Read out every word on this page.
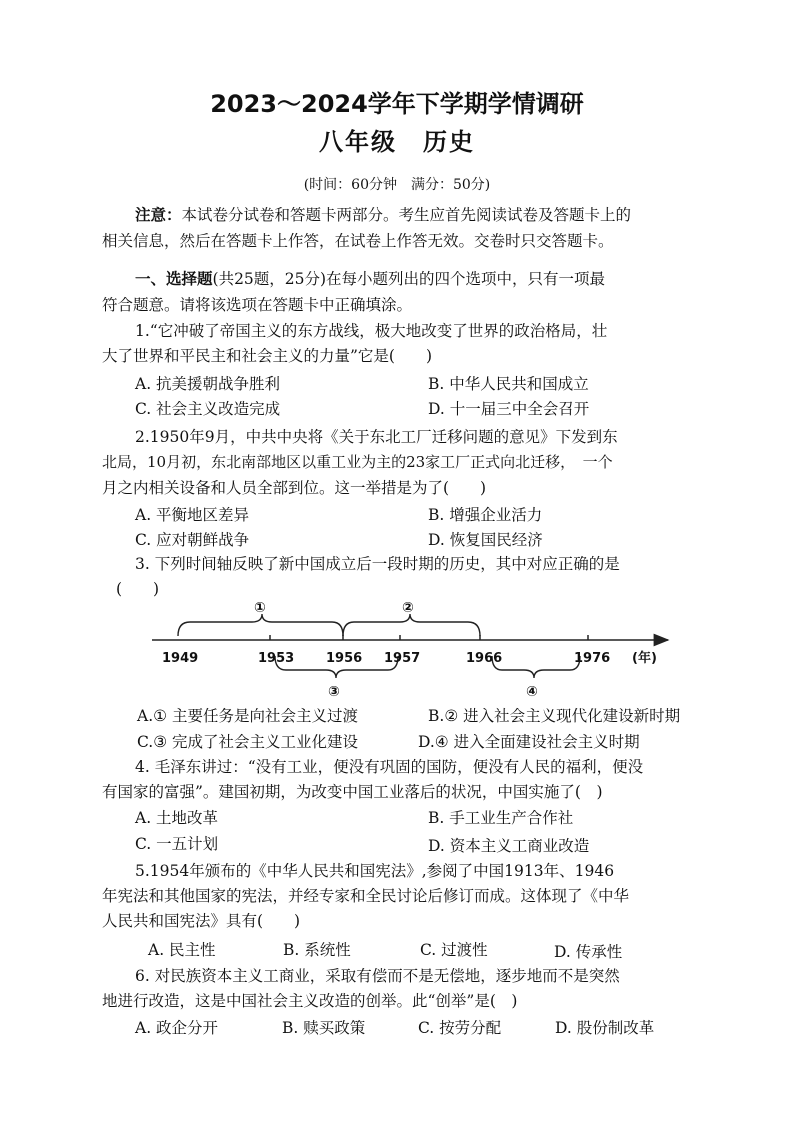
2023～2024学年下学期学情调研
八年级　历史
(时间：60分钟　满分：50分)
注意：本试卷分试卷和答题卡两部分。考生应首先阅读试卷及答题卡上的
相关信息，然后在答题卡上作答，在试卷上作答无效。交卷时只交答题卡。
一、选择题(共25题，25分)在每小题列出的四个选项中，只有一项最
符合题意。请将该选项在答题卡中正确填涂。
1.“它冲破了帝国主义的东方战线，极大地改变了世界的政治格局，壮
大了世界和平民主和社会主义的力量”它是(　　)
A. 抗美援朝战争胜利	B. 中华人民共和国成立
C. 社会主义改造完成	D. 十一届三中全会召开
2.1950年9月，中共中央将《关于东北工厂迁移问题的意见》下发到东
北局，10月初，东北南部地区以重工业为主的23家工厂正式向北迁移，　一个
月之内相关设备和人员全部到位。这一举措是为了(　　)
A. 平衡地区差异	B. 增强企业活力
C. 应对朝鲜战争	D. 恢复国民经济
3. 下列时间轴反映了新中国成立后一段时期的历史，其中对应正确的是
(　　)
①	②
③	④
1949	1953 1956 1957	1966	1976 (年)
A.① 主要任务是向社会主义过渡	B.② 进入社会主义现代化建设新时期
C.③ 完成了社会主义工业化建设	D.④ 进入全面建设社会主义时期
4. 毛泽东讲过：“没有工业，便没有巩固的国防，便没有人民的福利，便没
有国家的富强”。建国初期，为改变中国工业落后的状况，中国实施了(　)
A. 土地改革	B. 手工业生产合作社
C. 一五计划	D. 资本主义工商业改造
5.1954年颁布的《中华人民共和国宪法》,参阅了中国1913年、1946
年宪法和其他国家的宪法，并经专家和全民讨论后修订而成。这体现了《中华
人民共和国宪法》具有(　　)
A. 民主性	B. 系统性	C. 过渡性	D. 传承性
6. 对民族资本主义工商业，采取有偿而不是无偿地，逐步地而不是突然
地进行改造，这是中国社会主义改造的创举。此“创举”是(　)
A. 政企分开	B. 赎买政策	C. 按劳分配	D. 股份制改革
